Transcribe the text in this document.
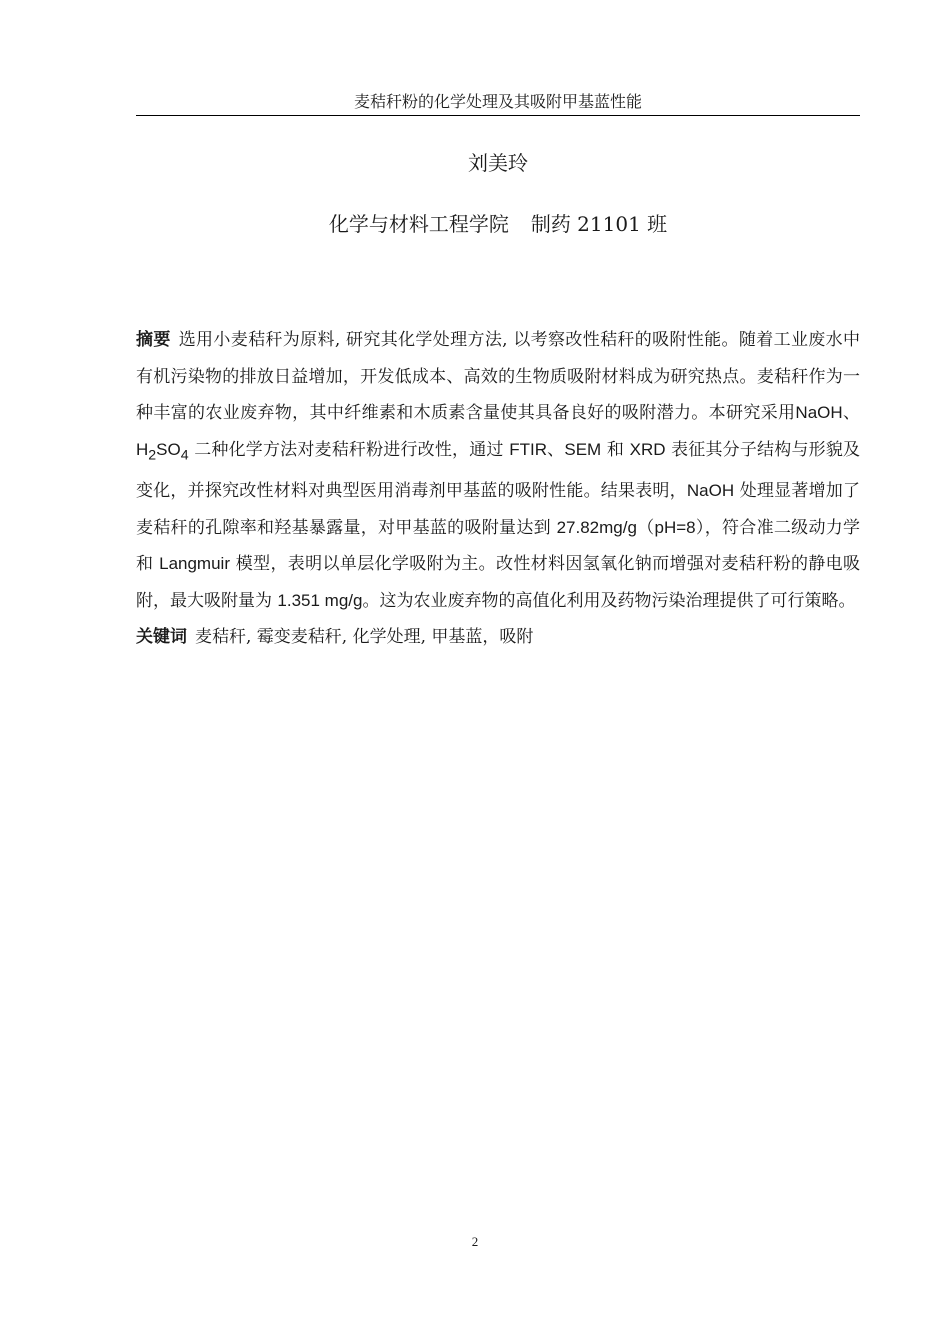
麦秸秆粉的化学处理及其吸附甲基蓝性能
刘美玲
化学与材料工程学院 制药 21101 班

摘要 选用小麦秸秆为原料, 研究其化学处理方法, 以考察改性秸秆的吸附性能。随着工业废水中有机污染物的排放日益增加，开发低成本、高效的生物质吸附材料成为研究热点。麦秸秆作为一种丰富的农业废弃物，其中纤维素和木质素含量使其具备良好的吸附潜力。本研究采用NaOH、$H_2SO_4$ 二种化学方法对麦秸秆粉进行改性，通过 FTIR、SEM 和 XRD 表征其分子结构与形貌及变化，并探究改性材料对典型医用消毒剂甲基蓝的吸附性能。结果表明，NaOH 处理显著增加了麦秸秆的孔隙率和羟基暴露量，对甲基蓝的吸附量达到 27.82mg/g（pH=8），符合准二级动力学和 Langmuir 模型，表明以单层化学吸附为主。改性材料因氢氧化钠而增强对麦秸秆粉的静电吸附，最大吸附量为 1.351 mg/g。这为农业废弃物的高值化利用及药物污染治理提供了可行策略。

关键词 麦秸秆, 霉变麦秸秆, 化学处理, 甲基蓝，吸附

2
